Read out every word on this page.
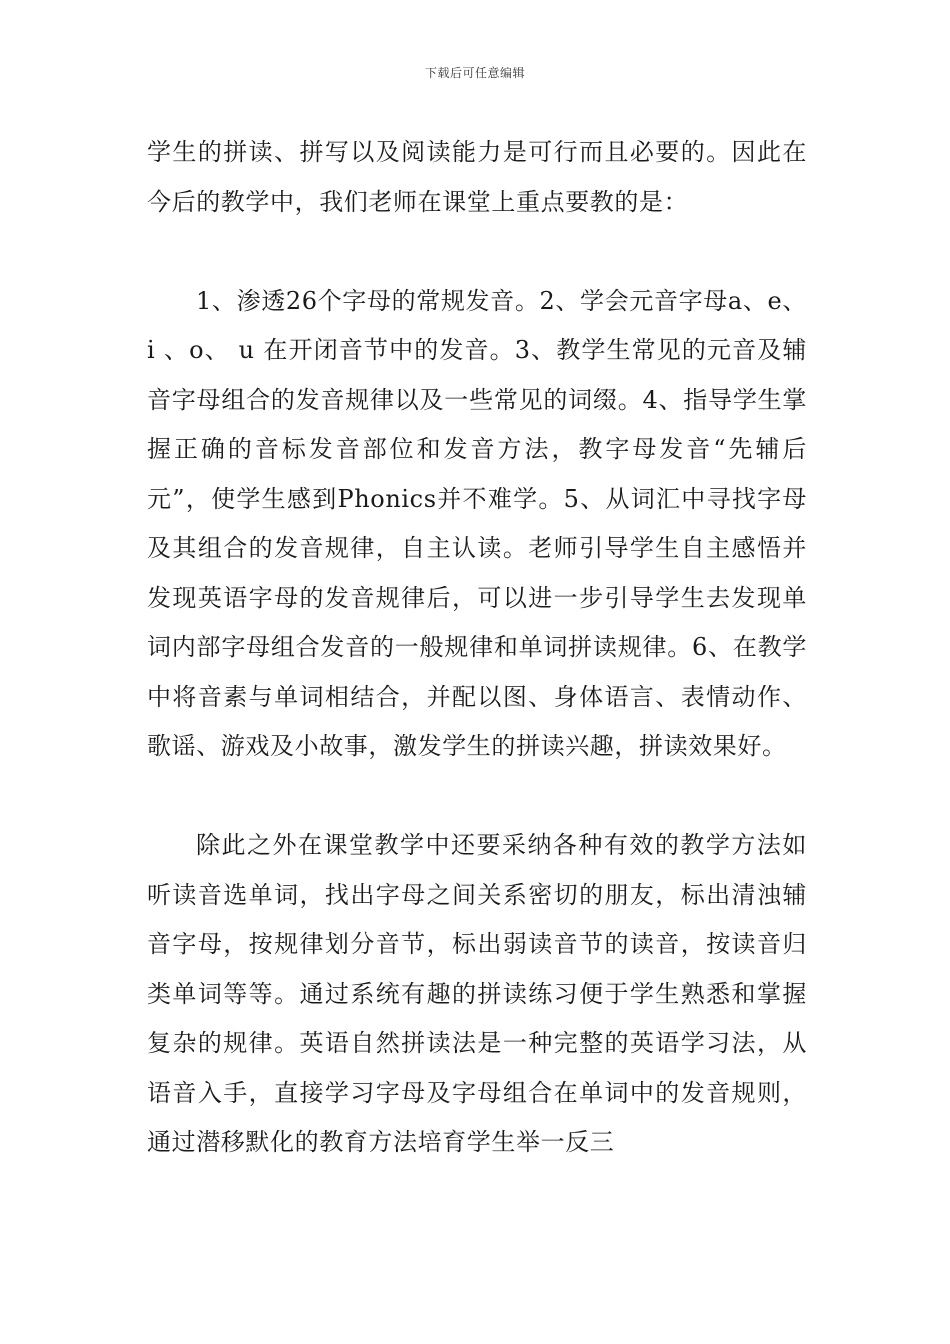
下载后可任意编辑

学生的拼读、拼写以及阅读能力是可行而且必要的。因此在今后的教学中，我们老师在课堂上重点要教的是：

1、渗透26个字母的常规发音。2、学会元音字母a、e、i 、o、 u 在开闭音节中的发音。3、教学生常见的元音及辅音字母组合的发音规律以及一些常见的词缀。4、指导学生掌握正确的音标发音部位和发音方法，教字母发音“先辅后元”，使学生感到Phonics并不难学。5、从词汇中寻找字母及其组合的发音规律，自主认读。老师引导学生自主感悟并发现英语字母的发音规律后，可以进一步引导学生去发现单词内部字母组合发音的一般规律和单词拼读规律。6、在教学中将音素与单词相结合，并配以图、身体语言、表情动作、歌谣、游戏及小故事，激发学生的拼读兴趣，拼读效果好。

除此之外在课堂教学中还要采纳各种有效的教学方法如听读音选单词，找出字母之间关系密切的朋友，标出清浊辅音字母，按规律划分音节，标出弱读音节的读音，按读音归类单词等等。通过系统有趣的拼读练习便于学生熟悉和掌握复杂的规律。英语自然拼读法是一种完整的英语学习法，从语音入手，直接学习字母及字母组合在单词中的发音规则，通过潜移默化的教育方法培育学生举一反三
